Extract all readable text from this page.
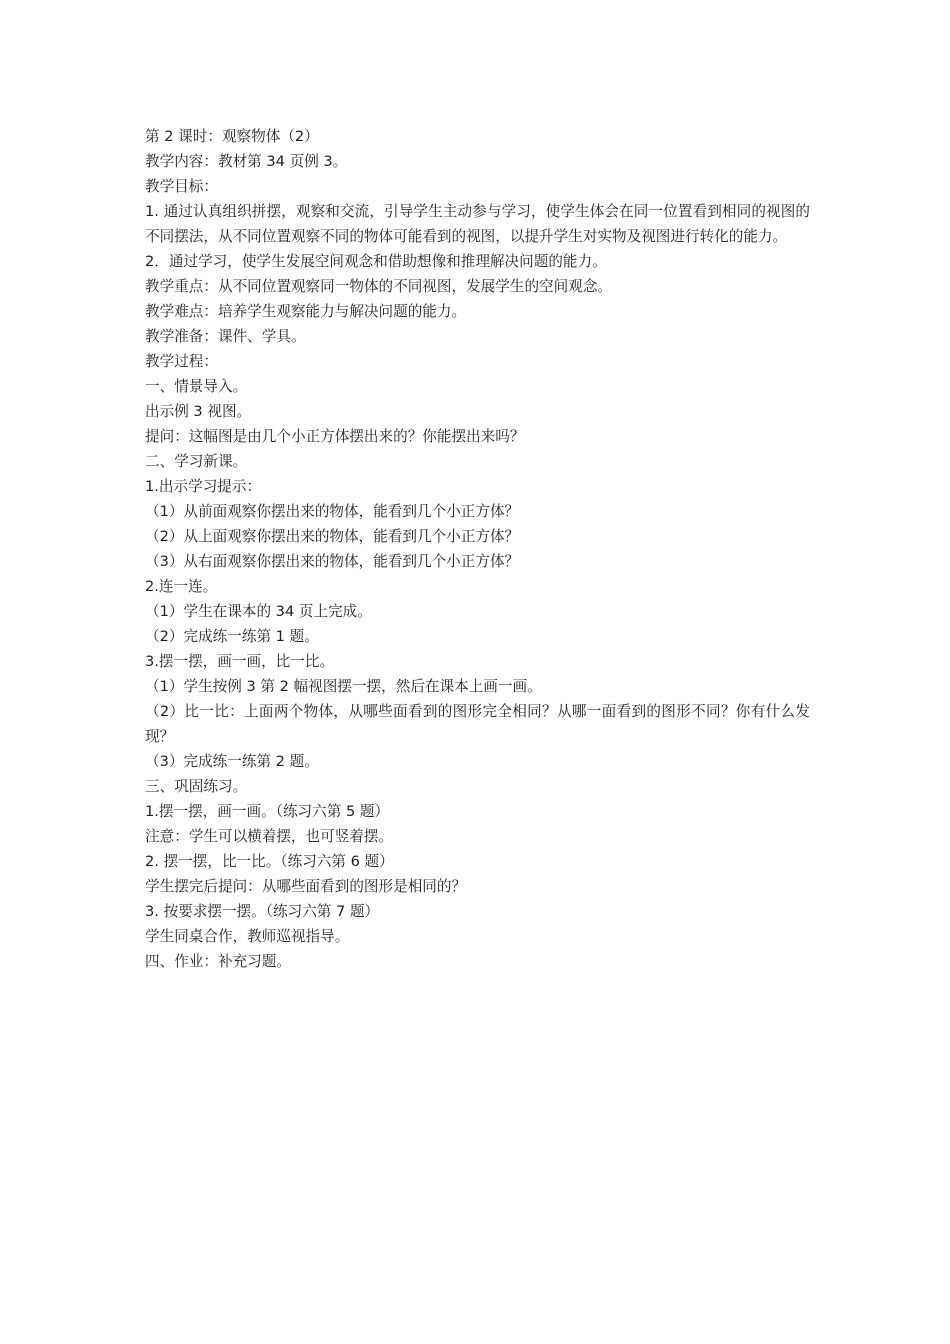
第 2 课时：观察物体（2）

教学内容：教材第 34 页例 3。

教学目标：

1. 通过认真组织拼摆，观察和交流，引导学生主动参与学习，使学生体会在同一位置看到相同的视图的不同摆法，从不同位置观察不同的物体可能看到的视图，以提升学生对实物及视图进行转化的能力。

2．通过学习，使学生发展空间观念和借助想像和推理解决问题的能力。

教学重点：从不同位置观察同一物体的不同视图，发展学生的空间观念。

教学难点：培养学生观察能力与解决问题的能力。

教学准备：课件、学具。

教学过程：

一、情景导入。

出示例 3 视图。

提问：这幅图是由几个小正方体摆出来的？你能摆出来吗？

二、学习新课。

1.出示学习提示：

（1）从前面观察你摆出来的物体，能看到几个小正方体？

（2）从上面观察你摆出来的物体，能看到几个小正方体？

（3）从右面观察你摆出来的物体，能看到几个小正方体？

2.连一连。

（1）学生在课本的 34 页上完成。

（2）完成练一练第 1 题。

3.摆一摆，画一画，比一比。

（1）学生按例 3 第 2 幅视图摆一摆，然后在课本上画一画。

（2）比一比：上面两个物体，从哪些面看到的图形完全相同？从哪一面看到的图形不同？你有什么发现？

（3）完成练一练第 2 题。

三、巩固练习。

1.摆一摆，画一画。（练习六第 5 题）

注意：学生可以横着摆，也可竖着摆。

2. 摆一摆，比一比。（练习六第 6 题）

学生摆完后提问：从哪些面看到的图形是相同的？

3. 按要求摆一摆。（练习六第 7 题）

学生同桌合作，教师巡视指导。

四、作业：补充习题。
